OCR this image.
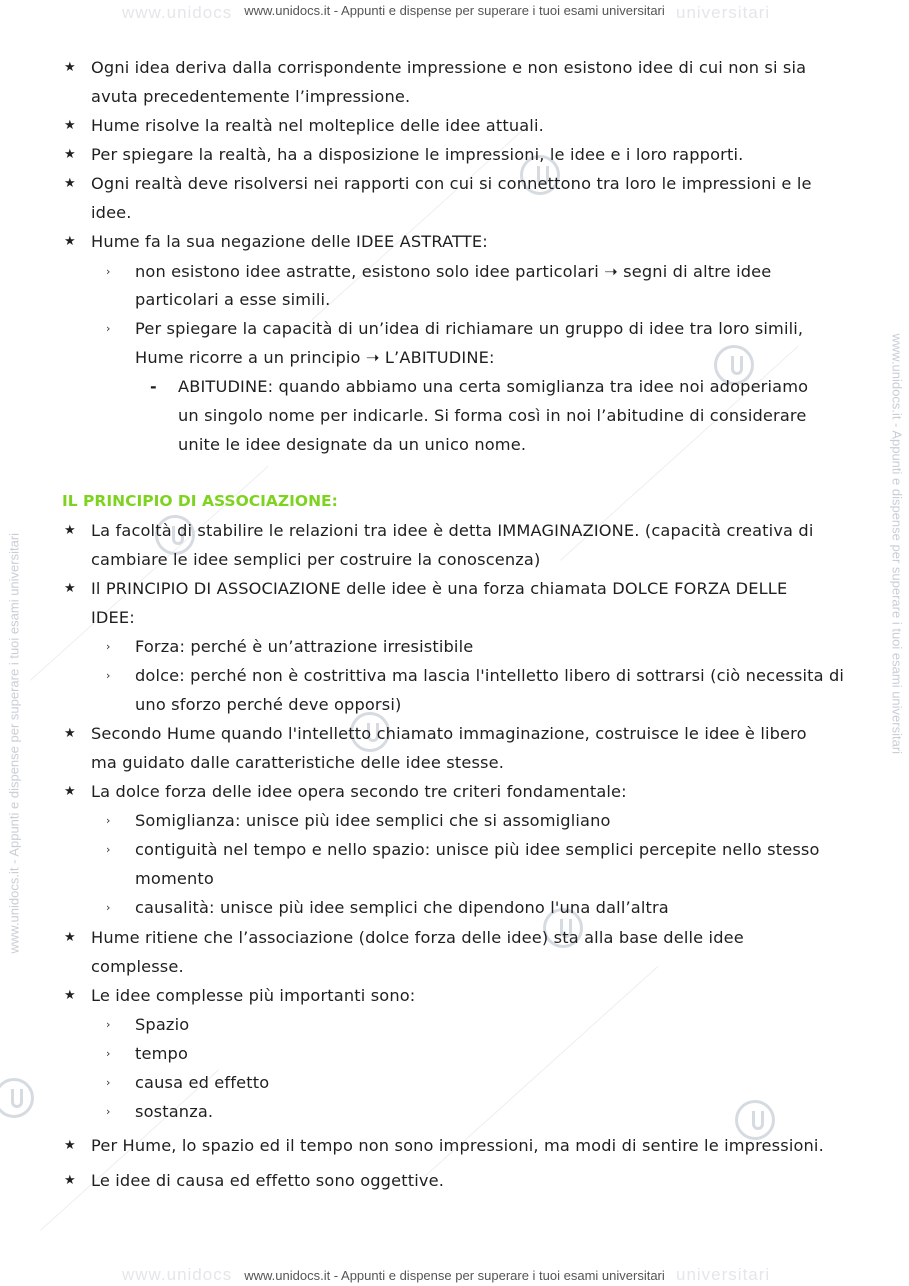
www.unidocs	universitari
www.unidocs	universitari
www.unidocs.it - Appunti e dispense per superare i tuoi esami universitari	www.unidocs.it - Appunti e dispense per superare i tuoi esami universitari
www.unidocs.it - Appunti e dispense per superare i tuoi esami universitari
★ Ogni idea deriva dalla corrispondente impressione e non esistono idee di cui non si sia
avuta precedentemente l’impressione.
★ Hume risolve la realtà nel molteplice delle idee attuali.
★ Per spiegare la realtà, ha a disposizione le impressioni, le idee e i loro rapporti.
★ Ogni realtà deve risolversi nei rapporti con cui si connettono tra loro le impressioni e le
idee.
★ Hume fa la sua negazione delle IDEE ASTRATTE:
› non esistono idee astratte, esistono solo idee particolari ➝ segni di altre idee
particolari a esse simili.
› Per spiegare la capacità di un’idea di richiamare un gruppo di idee tra loro simili,
Hume ricorre a un principio ➝ L’ABITUDINE:
- ABITUDINE: quando abbiamo una certa somiglianza tra idee noi adoperiamo
un singolo nome per indicarle. Si forma così in noi l’abitudine di considerare
unite le idee designate da un unico nome.
IL PRINCIPIO DI ASSOCIAZIONE:
★ La facoltà di stabilire le relazioni tra idee è detta IMMAGINAZIONE. (capacità creativa di
cambiare le idee semplici per costruire la conoscenza)
★ Il PRINCIPIO DI ASSOCIAZIONE delle idee è una forza chiamata DOLCE FORZA DELLE
IDEE:
› Forza: perché è un’attrazione irresistibile
› dolce: perché non è costrittiva ma lascia l'intelletto libero di sottrarsi (ciò necessita di
uno sforzo perché deve opporsi)
★ Secondo Hume quando l'intelletto chiamato immaginazione, costruisce le idee è libero
ma guidato dalle caratteristiche delle idee stesse.
★ La dolce forza delle idee opera secondo tre criteri fondamentale:
› Somiglianza: unisce più idee semplici che si assomigliano
› contiguità nel tempo e nello spazio: unisce più idee semplici percepite nello stesso
momento
› causalità: unisce più idee semplici che dipendono l'una dall’altra
★ Hume ritiene che l’associazione (dolce forza delle idee) sta alla base delle idee
complesse.
★ Le idee complesse più importanti sono:
› Spazio
› tempo
› causa ed effetto
› sostanza.
★ Per Hume, lo spazio ed il tempo non sono impressioni, ma modi di sentire le impressioni.
★ Le idee di causa ed effetto sono oggettive.
www.unidocs.it - Appunti e dispense per superare i tuoi esami universitari
